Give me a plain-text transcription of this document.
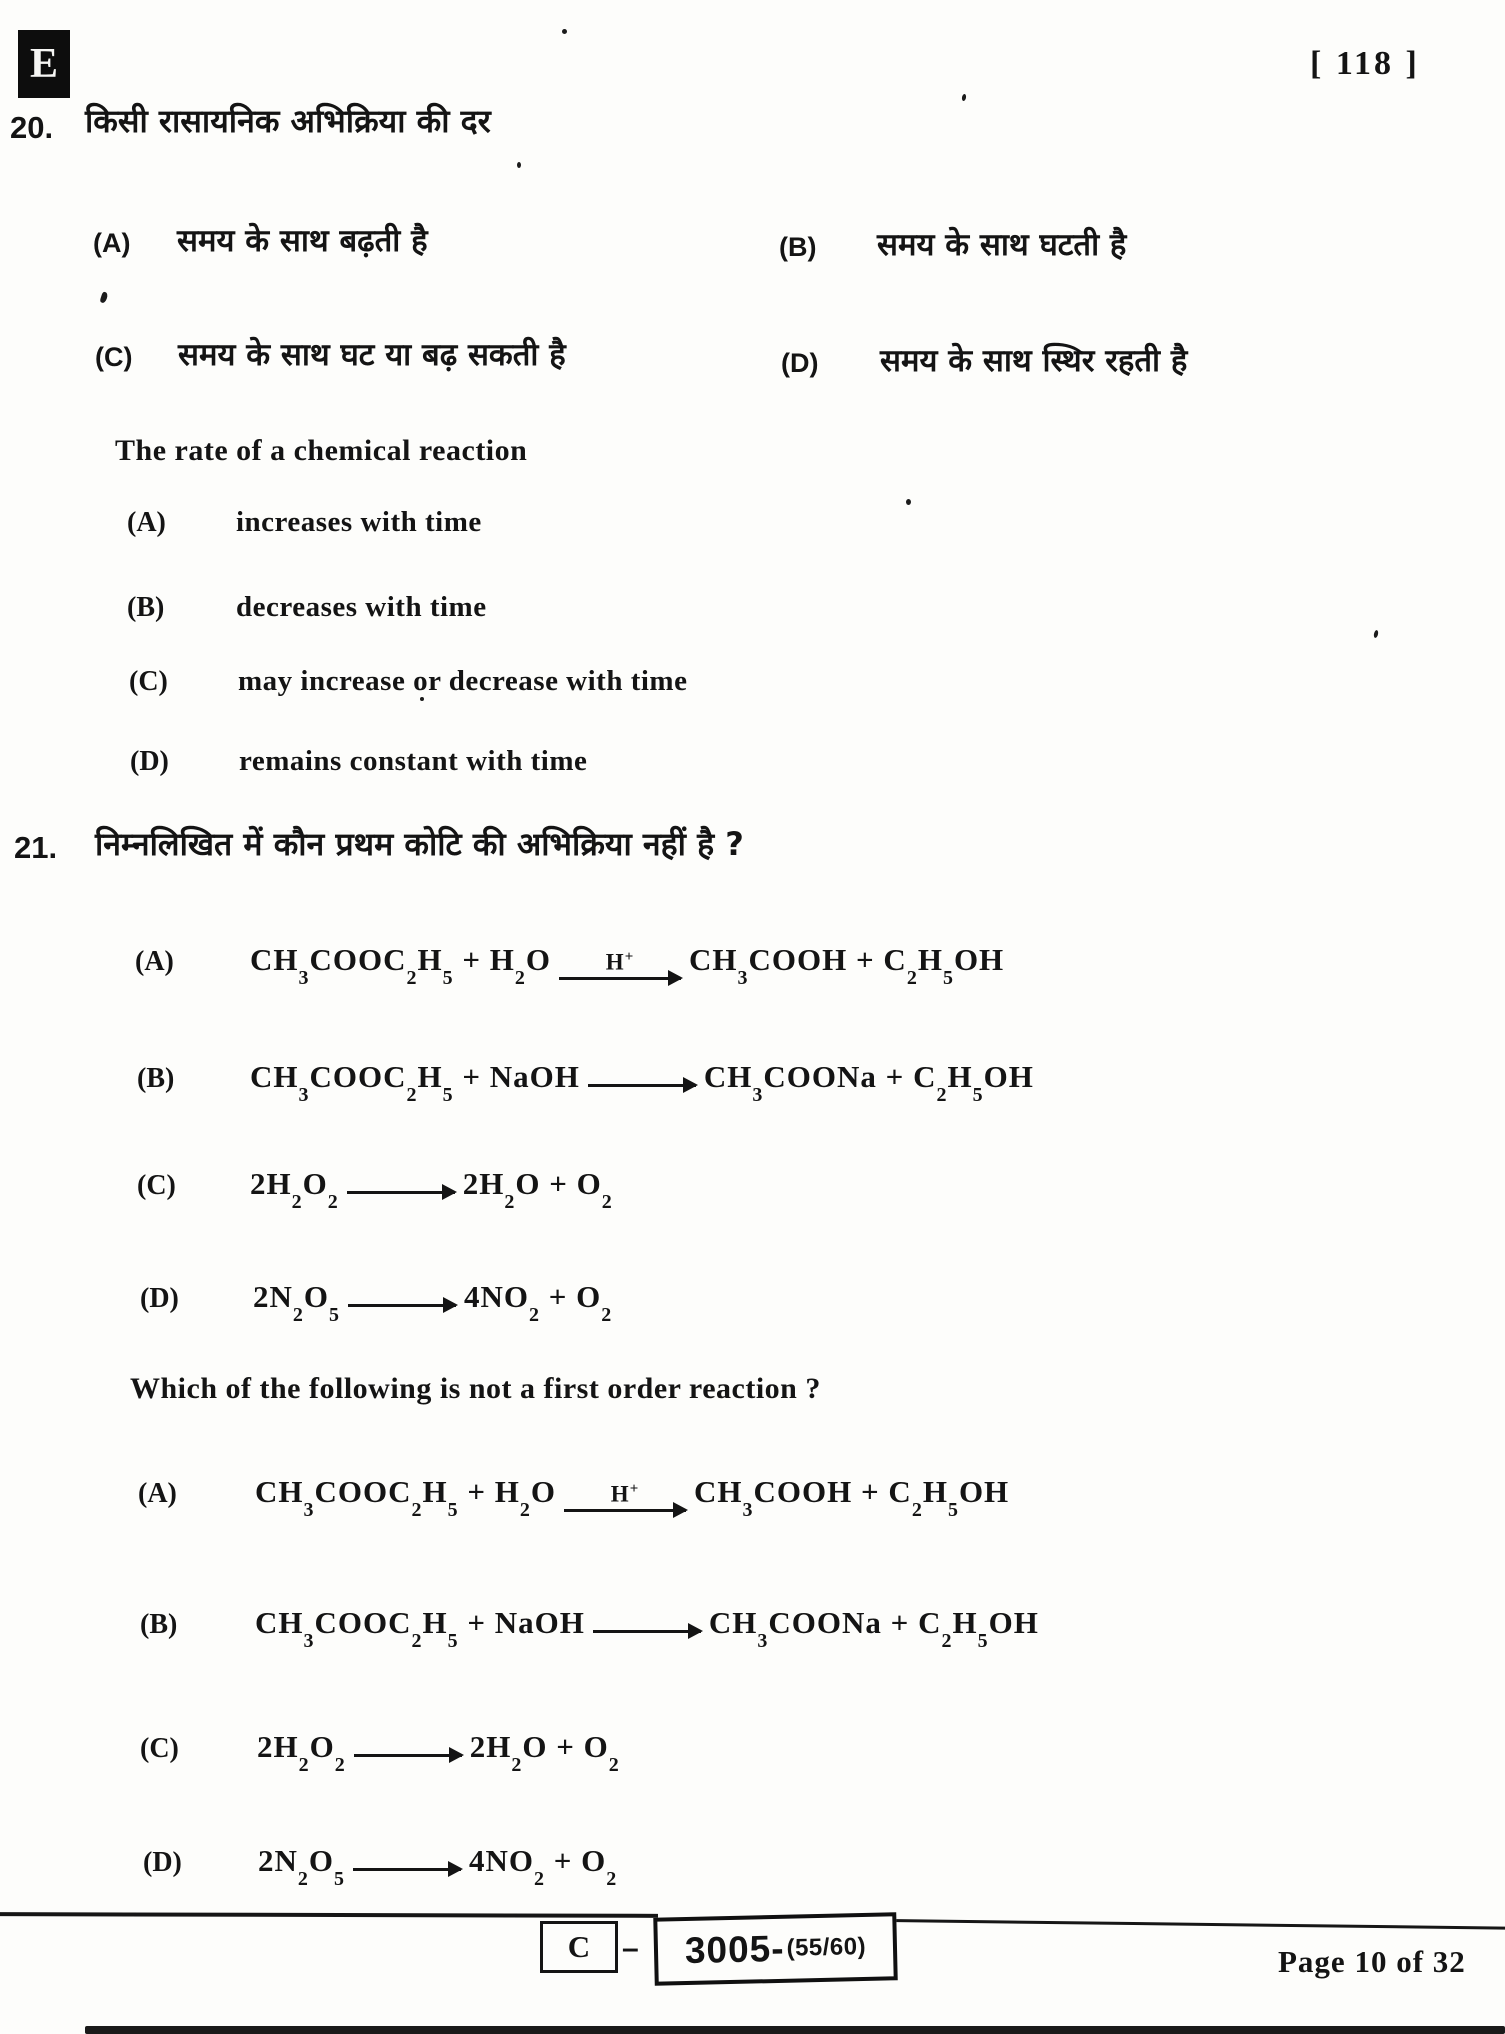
E	[ 118 ]
20. किसी रासायनिक अभिक्रिया की दर
(A) समय के साथ बढ़ती है	(B) समय के साथ घटती है
(C) समय के साथ घट या बढ़ सकती है	(D) समय के साथ स्थिर रहती है
The rate of a chemical reaction
(A) increases with time
(B) decreases with time
(C) may increase or decrease with time
(D) remains constant with time
21. निम्नलिखित में कौन प्रथम कोटि की अभिक्रिया नहीं है ?
(A) $CH_3COOC_2H_5 + H_2O$ H+ $CH_3COOH + C_2H_5OH$
(B) $CH_3COOC_2H_5$ + NaOH → $CH_3COONa + C_2H_5OH$
(C) $2H_2O_2 \to 2H_2O + O_2$
(D) $2N_2O_5 \to 4NO_2 + O_2$
Which of the following is not a first order reaction ?
(A)	$CH_3COOC_2H_5 + H_2O$ H+ $CH_3COOH + C_2H_5OH$
(B)	$CH_3COOC_2H_5$ + NaOH → $CH_3COONa + C_2H_5OH$
(C)	$2H_2O_2 \to 2H_2O + O_2$
(D) $2N_2O_5 \to 4NO_2 + O_2$
C – 3005- (55/60)	Page 10 of 32
